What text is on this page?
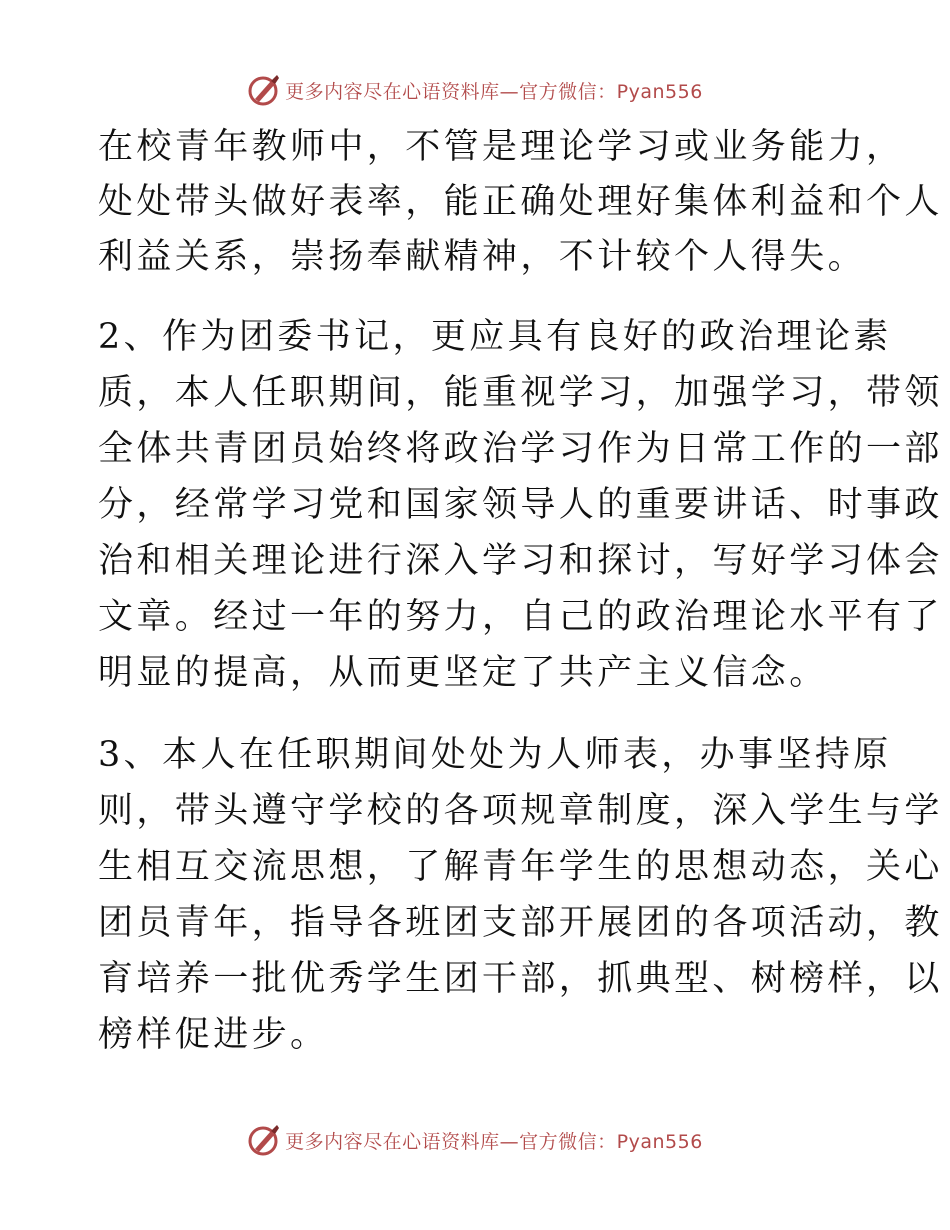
更多内容尽在心语资料库—官方微信：Pyan556
在校青年教师中，不管是理论学习或业务能力，
处处带头做好表率，能正确处理好集体利益和个人
利益关系，崇扬奉献精神，不计较个人得失。
2、作为团委书记，更应具有良好的政治理论素
质，本人任职期间，能重视学习，加强学习，带领
全体共青团员始终将政治学习作为日常工作的一部
分，经常学习党和国家领导人的重要讲话、时事政
治和相关理论进行深入学习和探讨，写好学习体会
文章。经过一年的努力，自己的政治理论水平有了
明显的提高，从而更坚定了共产主义信念。
3、本人在任职期间处处为人师表，办事坚持原
则，带头遵守学校的各项规章制度，深入学生与学
生相互交流思想，了解青年学生的思想动态，关心
团员青年，指导各班团支部开展团的各项活动，教
育培养一批优秀学生团干部，抓典型、树榜样，以
榜样促进步。
更多内容尽在心语资料库—官方微信：Pyan556
